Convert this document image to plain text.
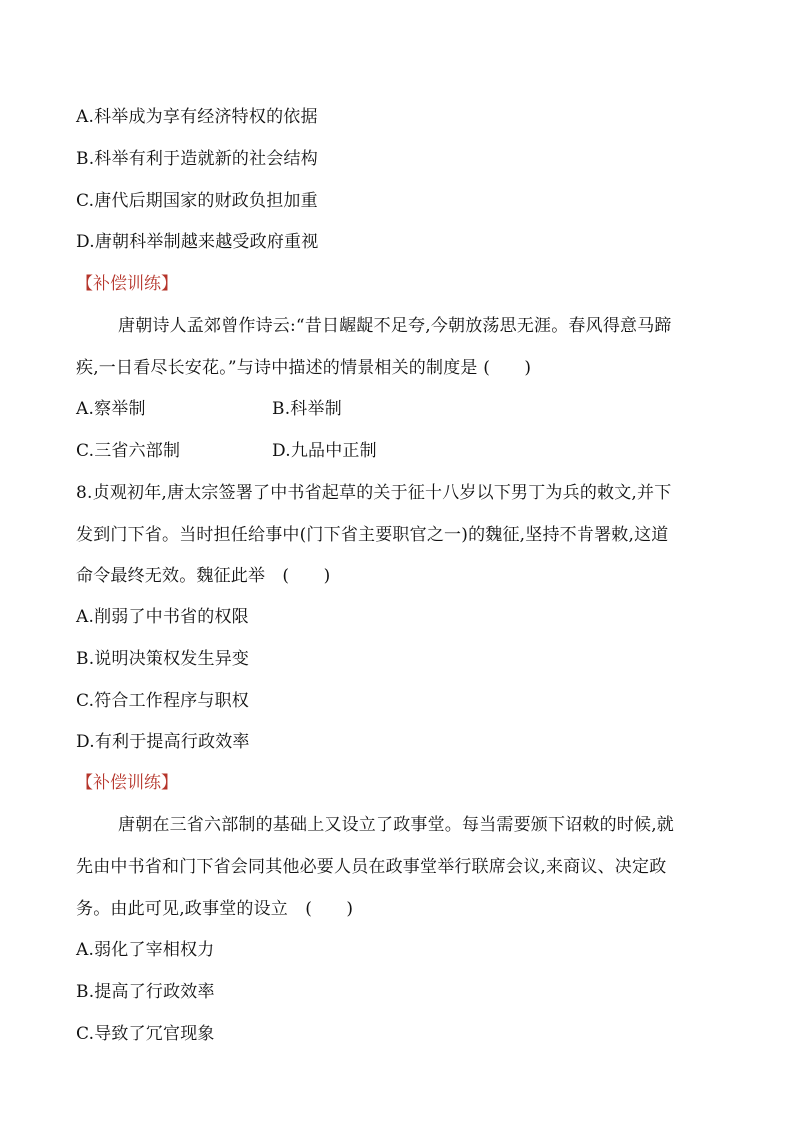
A.科举成为享有经济特权的依据
B.科举有利于造就新的社会结构
C.唐代后期国家的财政负担加重
D.唐朝科举制越来越受政府重视
【补偿训练】
唐朝诗人孟郊曾作诗云:“昔日龌龊不足夸,今朝放荡思无涯。春风得意马蹄
疾,一日看尽长安花。”与诗中描述的情景相关的制度是 (　　)
A.察举制	B.科举制
C.三省六部制	D.九品中正制
8.贞观初年,唐太宗签署了中书省起草的关于征十八岁以下男丁为兵的敕文,并下
发到门下省。当时担任给事中(门下省主要职官之一)的魏征,坚持不肯署敕,这道
命令最终无效。魏征此举　(　　)
A.削弱了中书省的权限
B.说明决策权发生异变
C.符合工作程序与职权
D.有利于提高行政效率
【补偿训练】
唐朝在三省六部制的基础上又设立了政事堂。每当需要颁下诏敕的时候,就
先由中书省和门下省会同其他必要人员在政事堂举行联席会议,来商议、决定政
务。由此可见,政事堂的设立　(　　)
A.弱化了宰相权力
B.提高了行政效率
C.导致了冗官现象
